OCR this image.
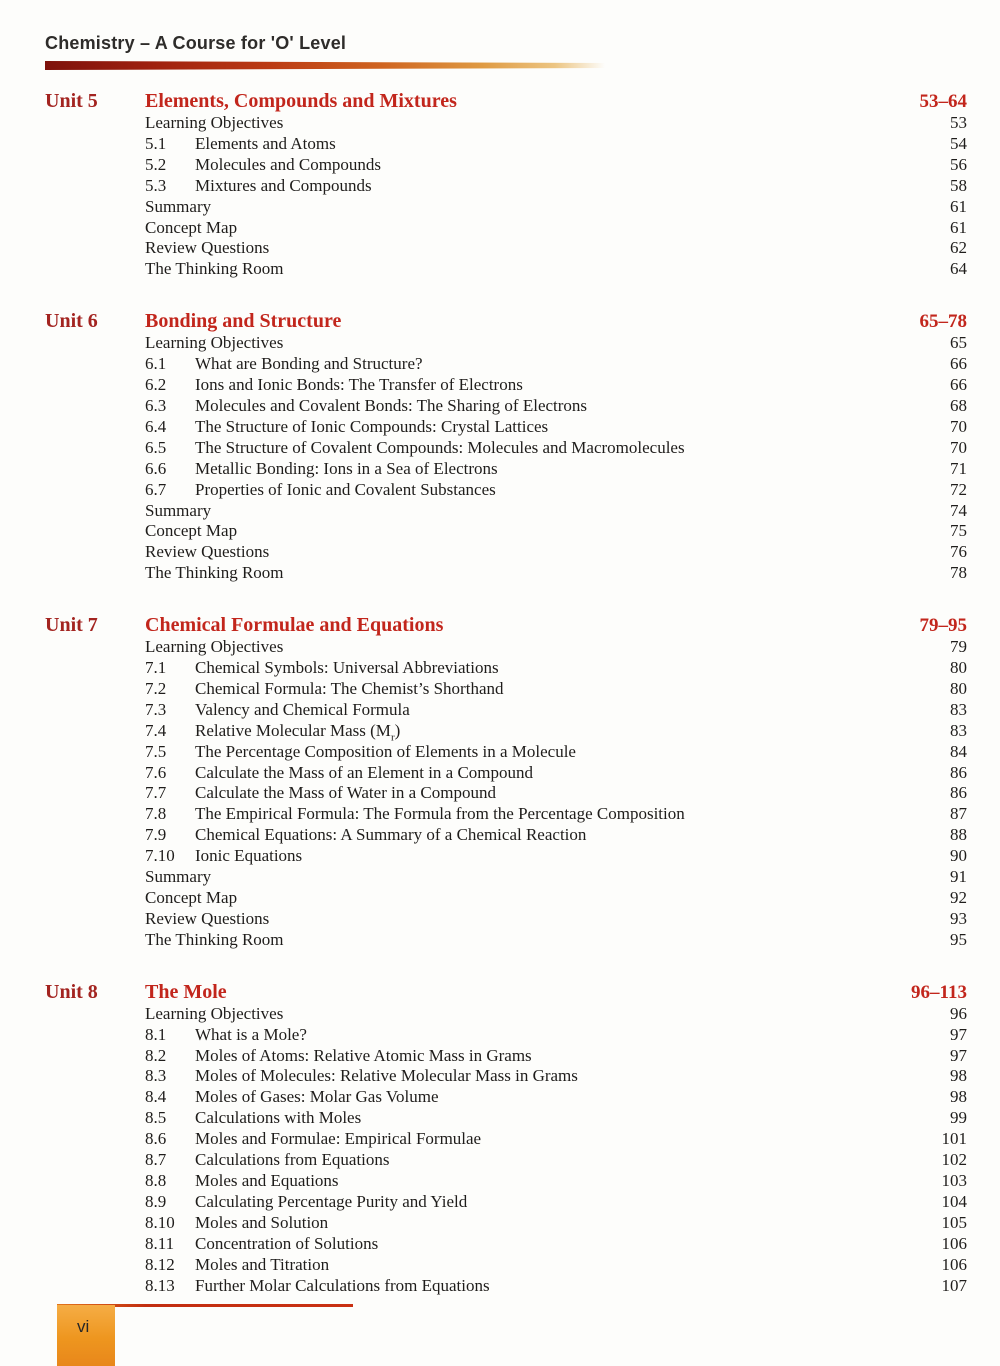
Chemistry – A Course for 'O' Level
Unit 5	Elements, Compounds and Mixtures	53–64
Learning Objectives	53
5.1	Elements and Atoms	54
5.2	Molecules and Compounds	56
5.3	Mixtures and Compounds	58
Summary	61
Concept Map	61
Review Questions	62
The Thinking Room	64
Unit 6	Bonding and Structure	65–78
Learning Objectives	65
6.1	What are Bonding and Structure?	66
6.2	Ions and Ionic Bonds: The Transfer of Electrons	66
6.3	Molecules and Covalent Bonds: The Sharing of Electrons	68
6.4	The Structure of Ionic Compounds: Crystal Lattices	70
6.5	The Structure of Covalent Compounds: Molecules and Macromolecules	70
6.6	Metallic Bonding: Ions in a Sea of Electrons	71
6.7	Properties of Ionic and Covalent Substances	72
Summary	74
Concept Map	75
Review Questions	76
The Thinking Room	78
Unit 7	Chemical Formulae and Equations	79–95
Learning Objectives	79
7.1	Chemical Symbols: Universal Abbreviations	80
7.2	Chemical Formula: The Chemist’s Shorthand	80
7.3	Valency and Chemical Formula	83
7.4	Relative Molecular Mass $(M_r)$	83
7.5	The Percentage Composition of Elements in a Molecule	84
7.6	Calculate the Mass of an Element in a Compound	86
7.7	Calculate the Mass of Water in a Compound	86
7.8	The Empirical Formula: The Formula from the Percentage Composition	87
7.9	Chemical Equations: A Summary of a Chemical Reaction	88
7.10	Ionic Equations	90
Summary	91
Concept Map	92
Review Questions	93
The Thinking Room	95
Unit 8	The Mole	96–113
Learning Objectives	96
8.1	What is a Mole?	97
8.2	Moles of Atoms: Relative Atomic Mass in Grams	97
8.3	Moles of Molecules: Relative Molecular Mass in Grams	98
8.4	Moles of Gases: Molar Gas Volume	98
8.5	Calculations with Moles	99
8.6	Moles and Formulae: Empirical Formulae	101
8.7	Calculations from Equations	102
8.8	Moles and Equations	103
8.9	Calculating Percentage Purity and Yield	104
8.10	Moles and Solution	105
8.11	Concentration of Solutions	106
8.12	Moles and Titration	106
8.13	Further Molar Calculations from Equations	107
vi
